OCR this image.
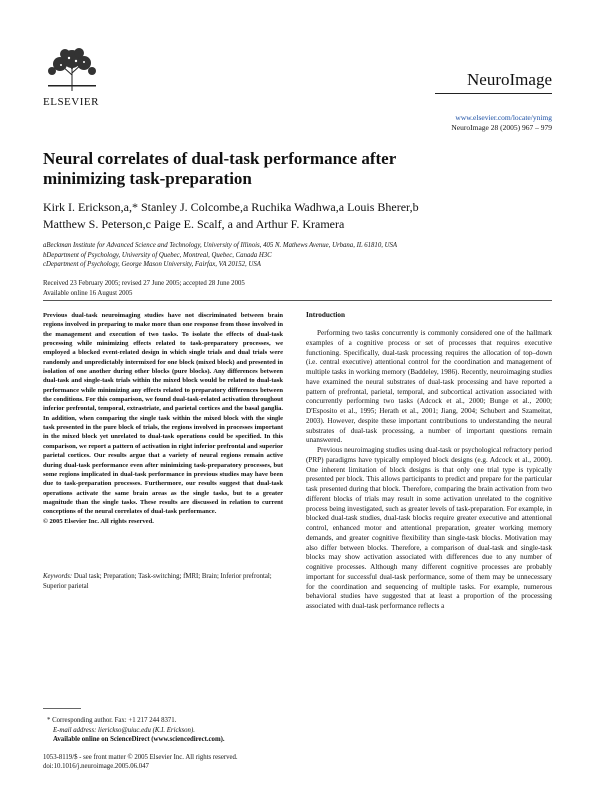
ELSEVIER
NeuroImage
www.elsevier.com/locate/ynimg
NeuroImage 28 (2005) 967 – 979
Neural correlates of dual-task performance after
minimizing task-preparation
Kirk I. Erickson,a,* Stanley J. Colcombe,a Ruchika Wadhwa,a Louis Bherer,b
Matthew S. Peterson,c Paige E. Scalf, a and Arthur F. Kramera
aBeckman Institute for Advanced Science and Technology, University of Illinois, 405 N. Mathews Avenue, Urbana, IL 61810, USA
bDepartment of Psychology, University of Quebec, Montreal, Quebec, Canada H3C
cDepartment of Psychology, George Mason University, Fairfax, VA 20152, USA
Received 23 February 2005; revised 27 June 2005; accepted 28 June 2005
Available online 16 August 2005

Previous dual-task neuroimaging studies have not discriminated between brain regions involved in preparing to make more than one response from those involved in the management and execution of two tasks. To isolate the effects of dual-task processing while minimizing effects related to task-preparatory processes, we employed a blocked event-related design in which single trials and dual trials were randomly and unpredictably intermixed for one block (mixed block) and presented in isolation of one another during other blocks (pure blocks). Any differences between dual-task and single-task trials within the mixed block would be related to dual-task performance while minimizing any effects related to preparatory differences between the conditions. For this comparison, we found dual-task-related activation throughout inferior prefrontal, temporal, extrastriate, and parietal cortices and the basal ganglia. In addition, when comparing the single task within the mixed block with the single task presented in the pure block of trials, the regions involved in processes important in the mixed block yet unrelated to dual-task operations could be specified. In this comparison, we report a pattern of activation in right inferior prefrontal and superior parietal cortices. Our results argue that a variety of neural regions remain active during dual-task performance even after minimizing task-preparatory processes, but some regions implicated in dual-task performance in previous studies may have been due to task-preparation processes. Furthermore, our results suggest that dual-task operations activate the same brain areas as the single tasks, but to a greater magnitude than the single tasks. These results are discussed in relation to current conceptions of the neural correlates of dual-task performance.

© 2005 Elsevier Inc. All rights reserved.
Keywords: Dual task; Preparation; Task-switching; fMRI; Brain; Inferior prefrontal; Superior parietal
* Corresponding author. Fax: +1 217 244 8371.
E-mail address: lierickso@uiuc.edu (K.I. Erickson).
Available online on ScienceDirect (www.sciencedirect.com).
1053-8119/$ - see front matter © 2005 Elsevier Inc. All rights reserved.
doi:10.1016/j.neuroimage.2005.06.047
Introduction

Performing two tasks concurrently is commonly considered one of the hallmark examples of a cognitive process or set of processes that requires executive functioning. Specifically, dual-task processing requires the allocation of top–down (i.e. central executive) attentional control for the coordination and management of multiple tasks in working memory (Baddeley, 1986). Recently, neuroimaging studies have examined the neural substrates of dual-task processing and have reported a pattern of prefrontal, parietal, temporal, and subcortical activation associated with concurrently performing two tasks (Adcock et al., 2000; Bunge et al., 2000; D'Esposito et al., 1995; Herath et al., 2001; Jiang, 2004; Schubert and Szameitat, 2003). However, despite these important contributions to understanding the neural substrates of dual-task processing, a number of important questions remain unanswered.

Previous neuroimaging studies using dual-task or psychological refractory period (PRP) paradigms have typically employed block designs (e.g. Adcock et al., 2000). One inherent limitation of block designs is that only one trial type is typically presented per block. This allows participants to predict and prepare for the particular task presented during that block. Therefore, comparing the brain activation from two different blocks of trials may result in some activation unrelated to the cognitive process being investigated, such as greater levels of task-preparation. For example, in blocked dual-task studies, dual-task blocks require greater executive and attentional control, enhanced motor and attentional preparation, greater working memory demands, and greater cognitive flexibility than single-task blocks. Motivation may also differ between blocks. Therefore, a comparison of dual-task and single-task blocks may show activation associated with differences due to any number of cognitive processes. Although many different cognitive processes are probably important for successful dual-task performance, some of them may be unnecessary for the coordination and sequencing of multiple tasks. For example, numerous behavioral studies have suggested that at least a proportion of the processing associated with dual-task performance reflects a
